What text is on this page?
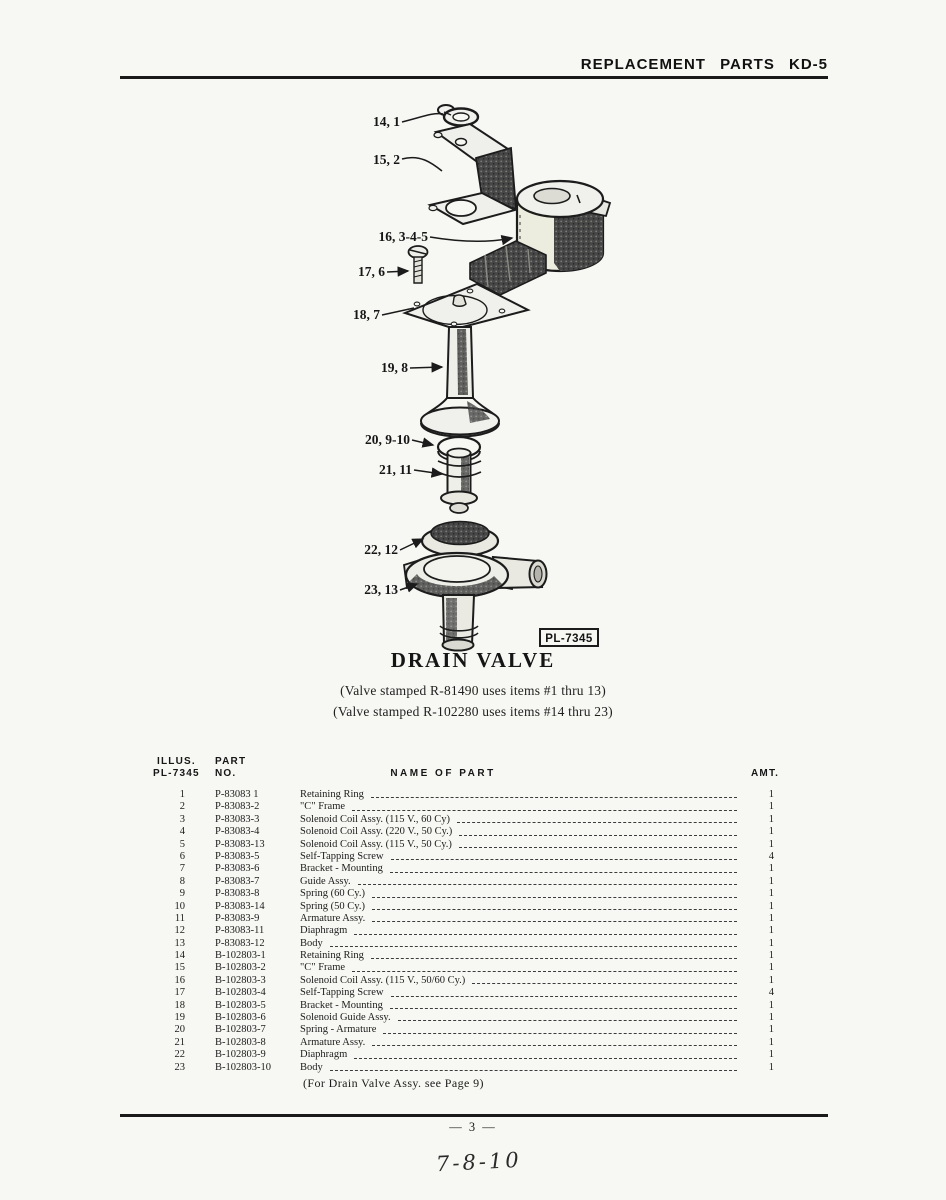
REPLACEMENT PARTS KD-5
PL-7345
14, 1
15, 2
16, 3-4-5
17, 6
18, 7
19, 8
20, 9-10
21, 11
22, 12
23, 13
DRAIN VALVE
(Valve stamped R-81490 uses items #1 thru 13)
(Valve stamped R-102280 uses items #14 thru 23)
ILLUS.
PL-7345
PART
NO.	NAME OF PART	AMT.
1	P-83083 1	Retaining Ring	1
2	P-83083-2	"C" Frame	1
3	P-83083-3	Solenoid Coil Assy. (115 V., 60 Cy)	1
4	P-83083-4	Solenoid Coil Assy. (220 V., 50 Cy.)	1
5	P-83083-13	Solenoid Coil Assy. (115 V., 50 Cy.)	1
6	P-83083-5	Self-Tapping Screw	4
7	P-83083-6	Bracket - Mounting	1
8	P-83083-7	Guide Assy.	1
9	P-83083-8	Spring (60 Cy.)	1
10	P-83083-14	Spring (50 Cy.)	1
11	P-83083-9	Armature Assy.	1
12	P-83083-11	Diaphragm	1
13	P-83083-12	Body	1
14	B-102803-1	Retaining Ring	1
15	B-102803-2	"C" Frame	1
16	B-102803-3	Solenoid Coil Assy. (115 V., 50/60 Cy.)	1
17	B-102803-4	Self-Tapping Screw	4
18	B-102803-5	Bracket - Mounting	1
19	B-102803-6	Solenoid Guide Assy.	1
20	B-102803-7	Spring - Armature	1
21	B-102803-8	Armature Assy.	1
22	B-102803-9	Diaphragm	1
23	B-102803-10	Body	1
(For Drain Valve Assy. see Page 9)
— 3 —
7-8-10
